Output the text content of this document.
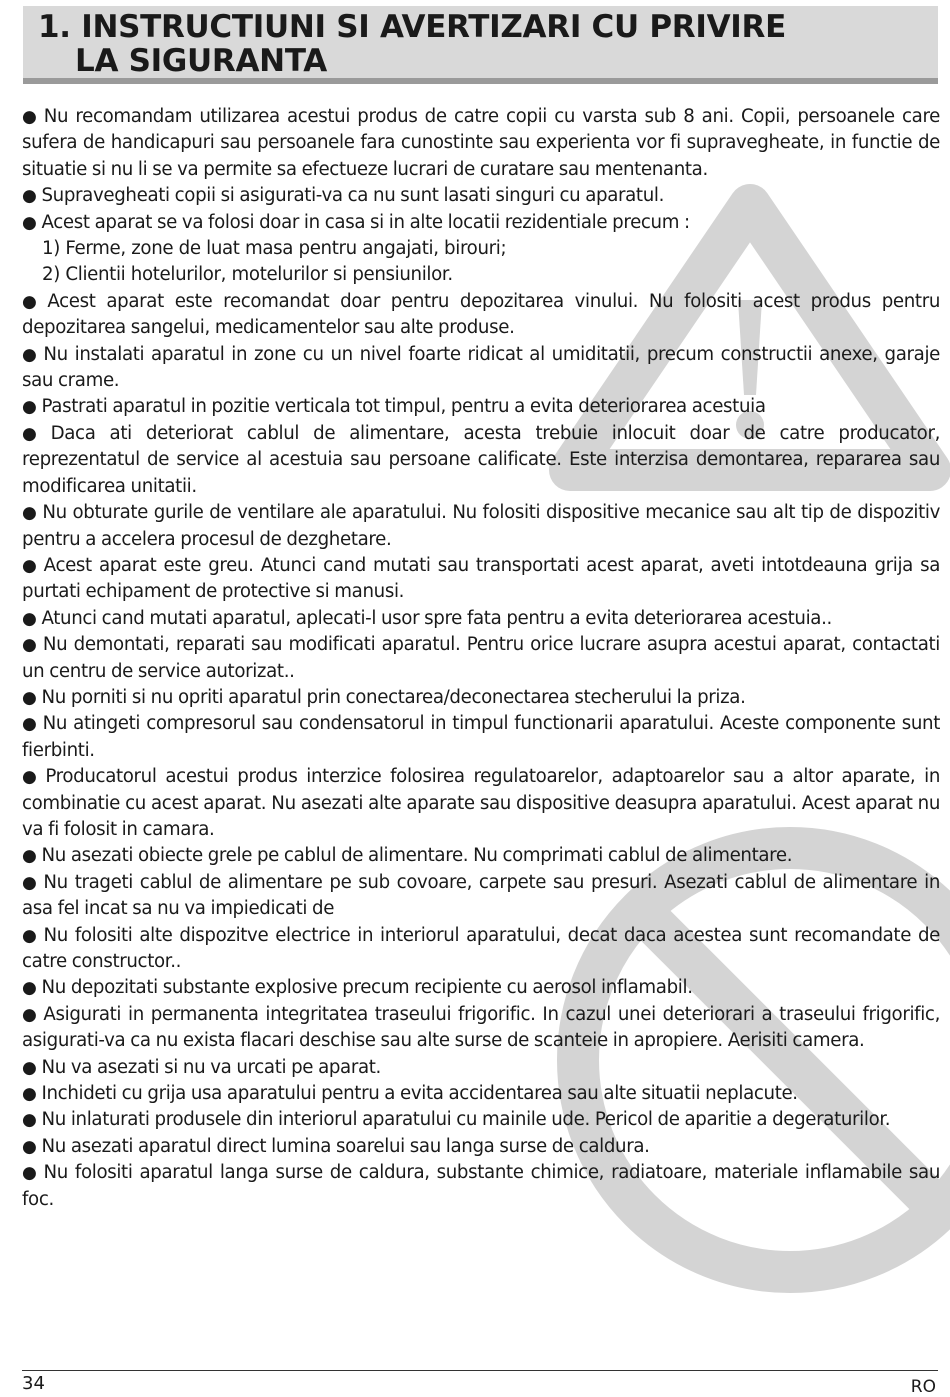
1. INSTRUCTIUNI SI AVERTIZARI CU PRIVIRE
LA SIGURANTA
● Nu recomandam utilizarea acestui produs de catre copii cu varsta sub 8 ani. Copii, persoanele care sufera de handicapuri sau persoanele fara cunostinte sau experienta vor fi supravegheate, in functie de situatie si nu li se va permite sa efectueze lucrari de curatare sau mentenanta.
● Supravegheati copii si asigurati-va ca nu sunt lasati singuri cu aparatul.
● Acest aparat se va folosi doar in casa si in alte locatii rezidentiale precum :
1) Ferme, zone de luat masa pentru angajati, birouri;
2) Clientii hotelurilor, motelurilor si pensiunilor.
● Acest aparat este recomandat doar pentru depozitarea vinului. Nu folositi acest produs pentru depozitarea sangelui, medicamentelor sau alte produse.
● Nu instalati aparatul in zone cu un nivel foarte ridicat al umiditatii, precum constructii anexe, garaje sau crame.
● Pastrati aparatul in pozitie verticala tot timpul, pentru a evita deteriorarea acestuia
● Daca ati deteriorat cablul de alimentare, acesta trebuie inlocuit doar de catre producator, reprezentatul de service al acestuia sau persoane calificate. Este interzisa demontarea, repararea sau modificarea unitatii.
● Nu obturate gurile de ventilare ale aparatului. Nu folositi dispositive mecanice sau alt tip de dispozitiv pentru a accelera procesul de dezghetare.
● Acest aparat este greu. Atunci cand mutati sau transportati acest aparat, aveti intotdeauna grija sa purtati echipament de protective si manusi.
● Atunci cand mutati aparatul, aplecati-l usor spre fata pentru a evita deteriorarea acestuia..
● Nu demontati, reparati sau modificati aparatul. Pentru orice lucrare asupra acestui aparat, contactati un centru de service autorizat..
● Nu porniti si nu opriti aparatul prin conectarea/deconectarea stecherului la priza.
● Nu atingeti compresorul sau condensatorul in timpul functionarii aparatului. Aceste componente sunt fierbinti.
● Producatorul acestui produs interzice folosirea regulatoarelor, adaptoarelor sau a altor aparate, in combinatie cu acest aparat. Nu asezati alte aparate sau dispositive deasupra aparatului. Acest aparat nu va fi folosit in camara.
● Nu asezati obiecte grele pe cablul de alimentare. Nu comprimati cablul de alimentare.
● Nu trageti cablul de alimentare pe sub covoare, carpete sau presuri. Asezati cablul de alimentare in asa fel incat sa nu va impiedicati de
● Nu folositi alte dispozitve electrice in interiorul aparatului, decat daca acestea sunt recomandate de catre constructor..
● Nu depozitati substante explosive precum recipiente cu aerosol inflamabil.
● Asigurati in permanenta integritatea traseului frigorific. In cazul unei deteriorari a traseului frigorific, asigurati-va ca nu exista flacari deschise sau alte surse de scanteie in apropiere. Aerisiti camera.
● Nu va asezati si nu va urcati pe aparat.
● Inchideti cu grija usa aparatului pentru a evita accidentarea sau alte situatii neplacute.
● Nu inlaturati produsele din interiorul aparatului cu mainile ude. Pericol de aparitie a degeraturilor.
● Nu asezati aparatul direct lumina soarelui sau langa surse de caldura.
● Nu folositi aparatul langa surse de caldura, substante chimice, radiatoare, materiale inflamabile sau foc.
34	RO
